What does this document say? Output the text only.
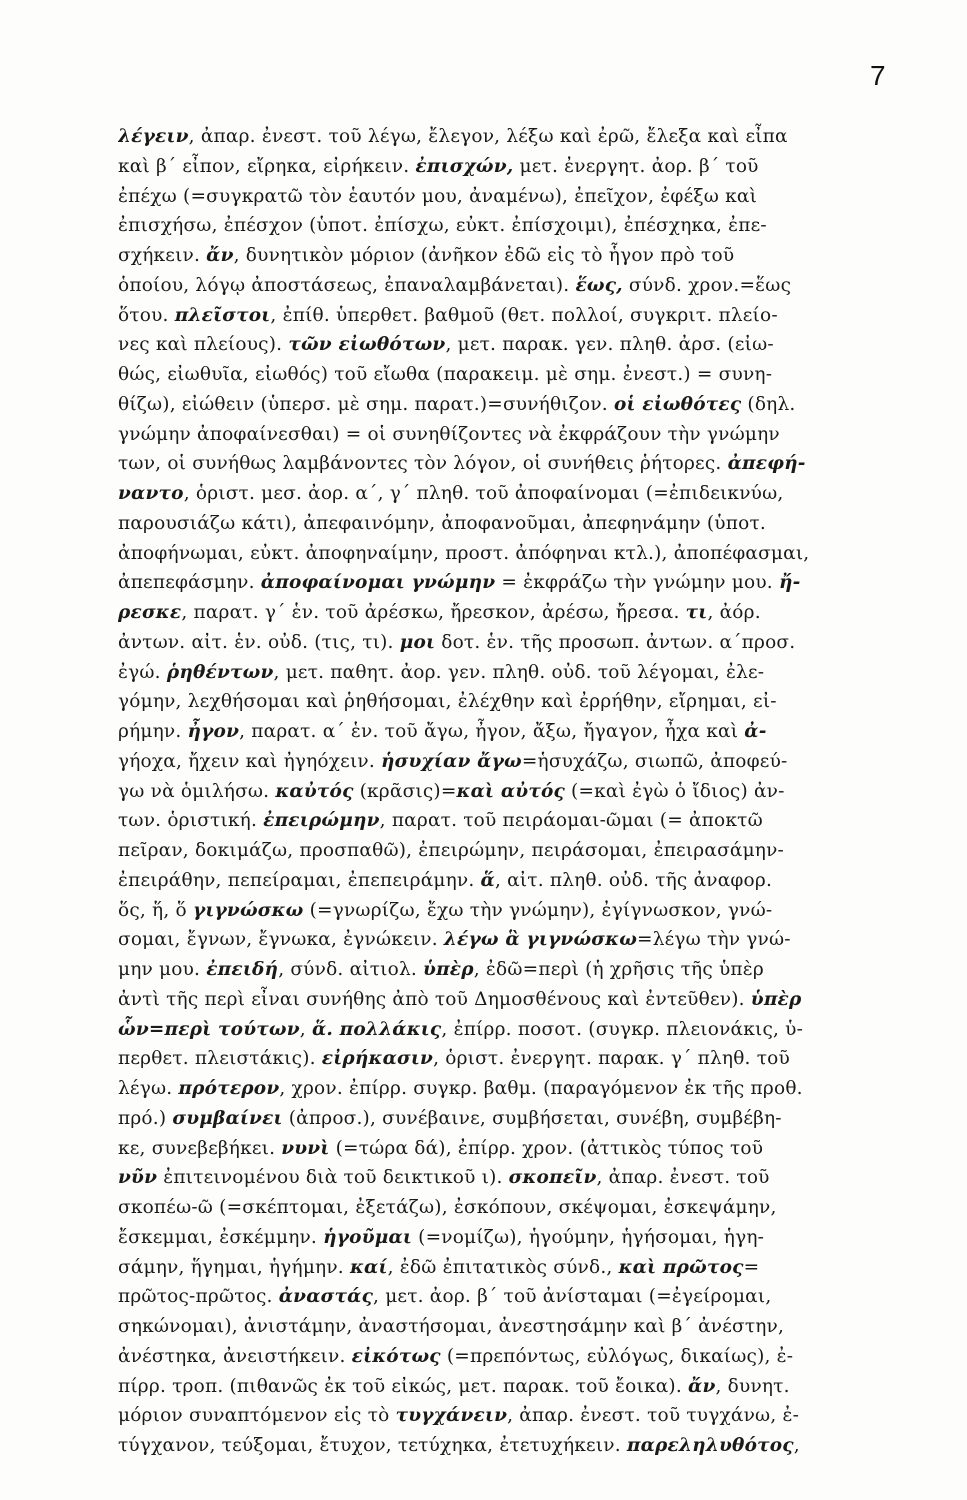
7
λέγειν, ἀπαρ. ἐνεστ. τοῦ λέγω, ἔλεγον, λέξω καὶ ἐρῶ, ἔλεξα καὶ εἶπα
καὶ β΄ εἶπον, εἴρηκα, εἰρήκειν. ἐπισχών, μετ. ἐνεργητ. ἀορ. β΄ τοῦ
ἐπέχω (=συγκρατῶ τὸν ἑαυτόν μου, ἀναμένω), ἐπεῖχον, ἐφέξω καὶ
ἐπισχήσω, ἐπέσχον (ὑποτ. ἐπίσχω, εὐκτ. ἐπίσχοιμι), ἐπέσχηκα, ἐπε-
σχήκειν. ἄν, δυνητικὸν μόριον (ἀνῆκον ἐδῶ εἰς τὸ ἧγον πρὸ τοῦ
ὁποίου, λόγῳ ἀποστάσεως, ἐπαναλαμβάνεται). ἕως, σύνδ. χρον.=ἕως
ὅτου. πλεῖστοι, ἐπίθ. ὑπερθετ. βαθμοῦ (θετ. πολλοί, συγκριτ. πλείο-
νες καὶ πλείους). τῶν εἰωθότων, μετ. παρακ. γεν. πληθ. ἀρσ. (εἰω-
θώς, εἰωθυῖα, εἰωθός) τοῦ εἴωθα (παρακειμ. μὲ σημ. ἐνεστ.) = συνη-
θίζω), εἰώθειν (ὑπερσ. μὲ σημ. παρατ.)=συνήθιζον. οἱ εἰωθότες (δηλ.
γνώμην ἀποφαίνεσθαι) = οἱ συνηθίζοντες νὰ ἐκφράζουν τὴν γνώμην
των, οἱ συνήθως λαμβάνοντες τὸν λόγον, οἱ συνήθεις ῥήτορες. ἀπεφή-
ναντο, ὁριστ. μεσ. ἀορ. α΄, γ΄ πληθ. τοῦ ἀποφαίνομαι (=ἐπιδεικνύω,
παρουσιάζω κάτι), ἀπεφαινόμην, ἀποφανοῦμαι, ἀπεφηνάμην (ὑποτ.
ἀποφήνωμαι, εὐκτ. ἀποφηναίμην, προστ. ἀπόφηναι κτλ.), ἀποπέφασμαι,
ἀπεπεφάσμην. ἀποφαίνομαι γνώμην = ἐκφράζω τὴν γνώμην μου. ἤ-
ρεσκε, παρατ. γ΄ ἑν. τοῦ ἀρέσκω, ἤρεσκον, ἀρέσω, ἤρεσα. τι, ἀόρ.
ἀντων. αἰτ. ἑν. οὐδ. (τις, τι). μοι δοτ. ἑν. τῆς προσωπ. ἀντων. α΄προσ.
ἐγώ. ῥηθέντων, μετ. παθητ. ἀορ. γεν. πληθ. οὐδ. τοῦ λέγομαι, ἐλε-
γόμην, λεχθήσομαι καὶ ῥηθήσομαι, ἐλέχθην καὶ ἐρρήθην, εἴρημαι, εἰ-
ρήμην. ἦγον, παρατ. α΄ ἑν. τοῦ ἄγω, ἦγον, ἄξω, ἤγαγον, ἦχα καὶ ἀ-
γήοχα, ἤχειν καὶ ἠγηόχειν. ἡσυχίαν ἄγω=ἡσυχάζω, σιωπῶ, ἀποφεύ-
γω νὰ ὁμιλήσω. καὐτός (κρᾶσις)=καὶ αὐτός (=καὶ ἐγὼ ὁ ἴδιος) ἀν-
των. ὁριστική. ἐπειρώμην, παρατ. τοῦ πειράομαι-ῶμαι (= ἀποκτῶ
πεῖραν, δοκιμάζω, προσπαθῶ), ἐπειρώμην, πειράσομαι, ἐπειρασάμην-
ἐπειράθην, πεπείραμαι, ἐπεπειράμην. ἅ, αἰτ. πληθ. οὐδ. τῆς ἀναφορ.
ὅς, ἥ, ὅ γιγνώσκω (=γνωρίζω, ἔχω τὴν γνώμην), ἐγίγνωσκον, γνώ-
σομαι, ἔγνων, ἔγνωκα, ἐγνώκειν. λέγω ἃ γιγνώσκω=λέγω τὴν γνώ-
μην μου. ἐπειδή, σύνδ. αἰτιολ. ὑπὲρ, ἐδῶ=περὶ (ἡ χρῆσις τῆς ὑπὲρ
ἀντὶ τῆς περὶ εἶναι συνήθης ἀπὸ τοῦ Δημοσθένους καὶ ἐντεῦθεν). ὑπὲρ
ὧν=περὶ τούτων, ἅ. πολλάκις, ἐπίρρ. ποσοτ. (συγκρ. πλειονάκις, ὑ-
περθετ. πλειστάκις). εἰρήκασιν, ὁριστ. ἐνεργητ. παρακ. γ΄ πληθ. τοῦ
λέγω. πρότερον, χρον. ἐπίρρ. συγκρ. βαθμ. (παραγόμενον ἐκ τῆς προθ.
πρό.) συμβαίνει (ἀπροσ.), συνέβαινε, συμβήσεται, συνέβη, συμβέβη-
κε, συνεβεβήκει. νυνὶ (=τώρα δά), ἐπίρρ. χρον. (ἀττικὸς τύπος τοῦ
νῦν ἐπιτεινομένου διὰ τοῦ δεικτικοῦ ι). σκοπεῖν, ἀπαρ. ἐνεστ. τοῦ
σκοπέω-ῶ (=σκέπτομαι, ἐξετάζω), ἐσκόπουν, σκέψομαι, ἐσκεψάμην,
ἔσκεμμαι, ἐσκέμμην. ἡγοῦμαι (=νομίζω), ἡγούμην, ἡγήσομαι, ἡγη-
σάμην, ἥγημαι, ἡγήμην. καί, ἐδῶ ἐπιτατικὸς σύνδ., καὶ πρῶτος=
πρῶτος-πρῶτος. ἀναστάς, μετ. ἀορ. β΄ τοῦ ἀνίσταμαι (=ἐγείρομαι,
σηκώνομαι), ἀνιστάμην, ἀναστήσομαι, ἀνεστησάμην καὶ β΄ ἀνέστην,
ἀνέστηκα, ἀνειστήκειν. εἰκότως (=πρεπόντως, εὐλόγως, δικαίως), ἐ-
πίρρ. τροπ. (πιθανῶς ἐκ τοῦ εἰκώς, μετ. παρακ. τοῦ ἔοικα). ἄν, δυνητ.
μόριον συναπτόμενον εἰς τὸ τυγχάνειν, ἀπαρ. ἐνεστ. τοῦ τυγχάνω, ἐ-
τύγχανον, τεύξομαι, ἔτυχον, τετύχηκα, ἐτετυχήκειν. παρεληλυθότος,
